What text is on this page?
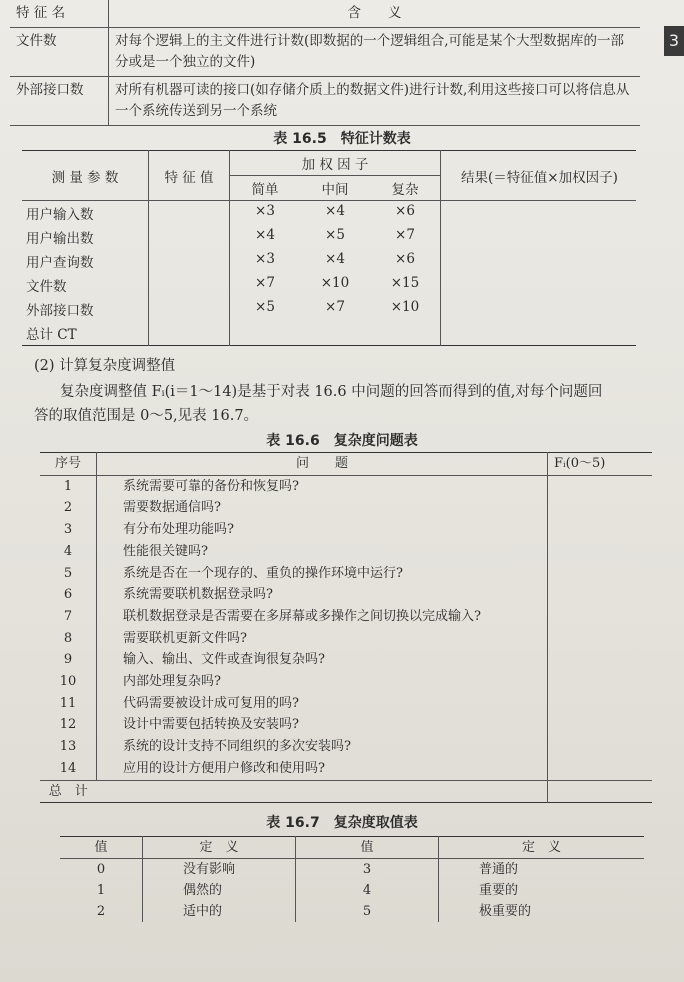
3
特 征 名	含　　义
文件数	对每个逻辑上的主文件进行计数(即数据的一个逻辑组合,可能是某个大型数据库的一部分或是一个独立的文件)
外部接口数	对所有机器可读的接口(如存储介质上的数据文件)进行计数,利用这些接口可以将信息从一个系统传送到另一个系统
表 16.5　特征计数表
测 量 参 数	特 征 值	加 权 因 子			结果(＝特征值×加权因子)
		简单	中间	复杂	
用户输入数		×3	×4	×6	
用户输出数		×4	×5	×7	
用户查询数		×3	×4	×6	
文件数		×7	×10	×15	
外部接口数		×5	×7	×10	
总计 CT					
(2) 计算复杂度调整值
复杂度调整值 Fᵢ(i＝1～14)是基于对表 16.6 中问题的回答而得到的值,对每个问题回
答的取值范围是 0～5,见表 16.7。
表 16.6　复杂度问题表
序号	问　　题	Fᵢ(0～5)
1	系统需要可靠的备份和恢复吗?	
2	需要数据通信吗?	
3	有分布处理功能吗?	
4	性能很关键吗?	
5	系统是否在一个现存的、重负的操作环境中运行?	
6	系统需要联机数据登录吗?	
7	联机数据登录是否需要在多屏幕或多操作之间切换以完成输入?	
8	需要联机更新文件吗?	
9	输入、输出、文件或查询很复杂吗?	
10	内部处理复杂吗?	
11	代码需要被设计成可复用的吗?	
12	设计中需要包括转换及安装吗?	
13	系统的设计支持不同组织的多次安装吗?	
14	应用的设计方便用户修改和使用吗?	
总　计		
表 16.7　复杂度取值表
值	定　义	值	定　义
0	没有影响	3	普通的
1	偶然的	4	重要的
2	适中的	5	极重要的
